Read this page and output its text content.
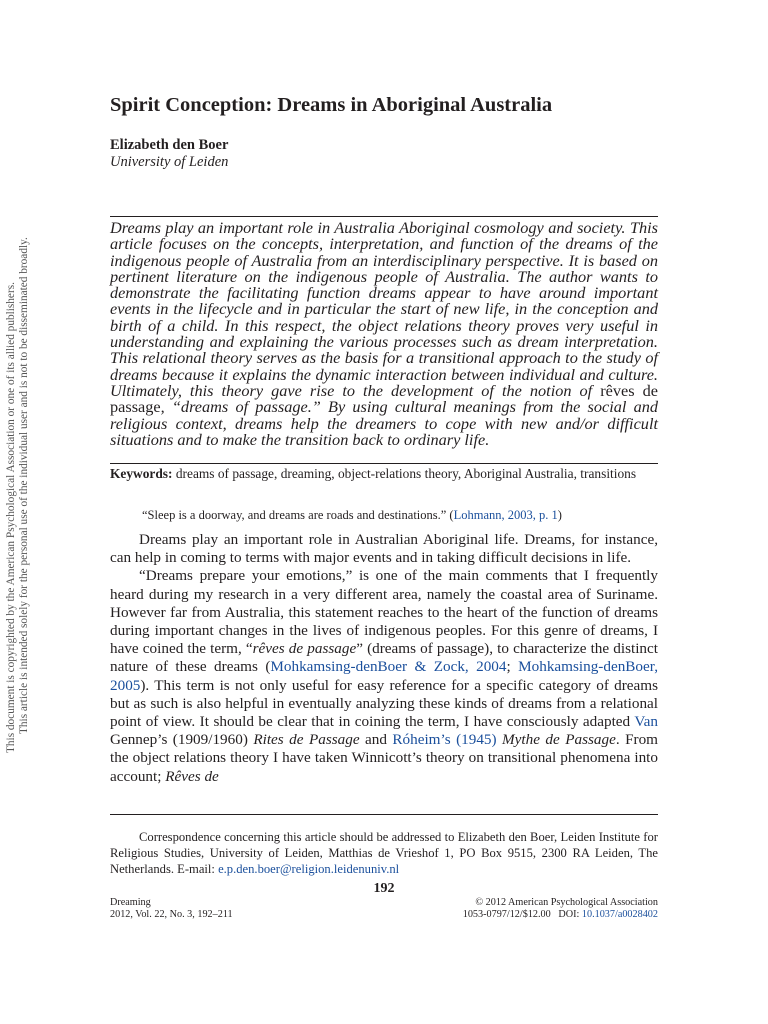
This document is copyrighted by the American Psychological Association or one of its allied publishers. This article is intended solely for the personal use of the individual user and is not to be disseminated broadly.
Spirit Conception: Dreams in Aboriginal Australia
Elizabeth den Boer
University of Leiden
Dreams play an important role in Australia Aboriginal cosmology and society. This article focuses on the concepts, interpretation, and function of the dreams of the indigenous people of Australia from an interdisciplinary perspective. It is based on pertinent literature on the indigenous people of Australia. The author wants to demonstrate the facilitating function dreams appear to have around important events in the lifecycle and in particular the start of new life, in the conception and birth of a child. In this respect, the object relations theory proves very useful in understanding and explaining the various processes such as dream interpretation. This relational theory serves as the basis for a transitional approach to the study of dreams because it explains the dynamic interaction between individual and culture. Ultimately, this theory gave rise to the development of the notion of rêves de passage, “dreams of passage.” By using cultural meanings from the social and religious context, dreams help the dreamers to cope with new and/or difficult situations and to make the transition back to ordinary life.
Keywords: dreams of passage, dreaming, object-relations theory, Aboriginal Australia, transitions
“Sleep is a doorway, and dreams are roads and destinations.” (Lohmann, 2003, p. 1)

Dreams play an important role in Australian Aboriginal life. Dreams, for instance, can help in coming to terms with major events and in taking difficult decisions in life.

“Dreams prepare your emotions,” is one of the main comments that I frequently heard during my research in a very different area, namely the coastal area of Suriname. However far from Australia, this statement reaches to the heart of the function of dreams during important changes in the lives of indigenous peoples. For this genre of dreams, I have coined the term, “rêves de passage” (dreams of passage), to characterize the distinct nature of these dreams (Mohkamsing-denBoer & Zock, 2004; Mohkamsing-denBoer, 2005). This term is not only useful for easy reference for a specific category of dreams but as such is also helpful in eventually analyzing these kinds of dreams from a relational point of view. It should be clear that in coining the term, I have consciously adapted Van Gennep’s (1909/1960) Rites de Passage and Róheim’s (1945) Mythe de Passage. From the object relations theory I have taken Winnicott’s theory on transitional phenomena into account; Rêves de

Correspondence concerning this article should be addressed to Elizabeth den Boer, Leiden Institute for Religious Studies, University of Leiden, Matthias de Vrieshof 1, PO Box 9515, 2300 RA Leiden, The Netherlands. E-mail: e.p.den.boer@religion.leidenuniv.nl

192
Dreaming
2012, Vol. 22, No. 3, 192–211
© 2012 American Psychological Association
1053-0797/12/$12.00 DOI: 10.1037/a0028402
